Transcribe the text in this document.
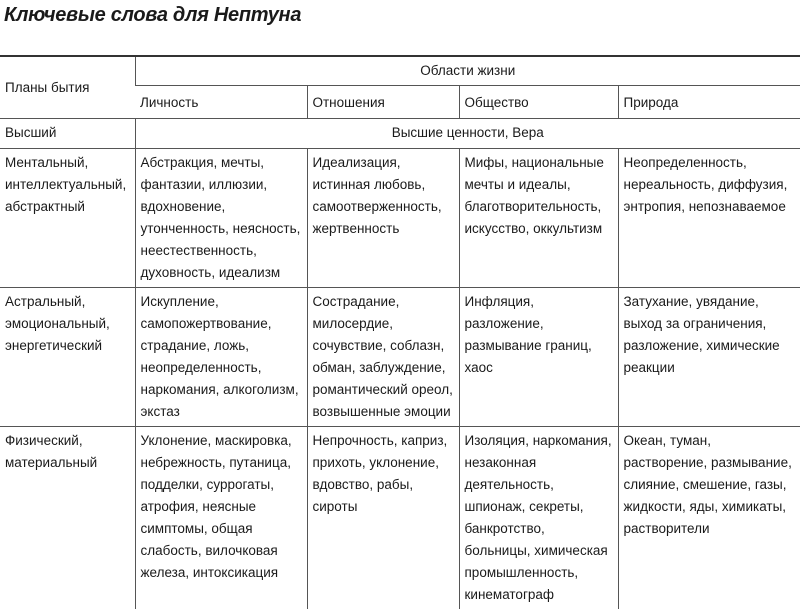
Ключевые слова для Нептуна
Планы бытия	Области жизни			
	Личность	Отношения	Общество	Природа
Высший	Высшие ценности, Вера			
Ментальный, интеллектуальный, абстрактный	Абстракция, мечты, фантазии, иллюзии, вдохновение, утонченность, неясность, неестественность, духовность, идеализм	Идеализация, истинная любовь, самоотверженность, жертвенность	Мифы, национальные мечты и идеалы, благотворительность, искусство, оккультизм	Неопределенность, нереальность, диффузия, энтропия, непознаваемое
Астральный, эмоциональный, энергетический	Искупление, самопожертвование, страдание, ложь, неопределенность, наркомания, алкоголизм, экстаз	Сострадание, милосердие, сочувствие, соблазн, обман, заблуждение, романтический ореол, возвышенные эмоции	Инфляция, разложение, размывание границ, хаос	Затухание, увядание, выход за ограничения, разложение, химические реакции
Физический, материальный	Уклонение, маскировка, небрежность, путаница, подделки, суррогаты, атрофия, неясные симптомы, общая слабость, вилочковая железа, интоксикация	Непрочность, каприз, прихоть, уклонение, вдовство, рабы, сироты	Изоляция, наркомания, незаконная деятельность, шпионаж, секреты, банкротство, больницы, химическая промышленность, кинематограф	Океан, туман, растворение, размывание, слияние, смешение, газы, жидкости, яды, химикаты, растворители
